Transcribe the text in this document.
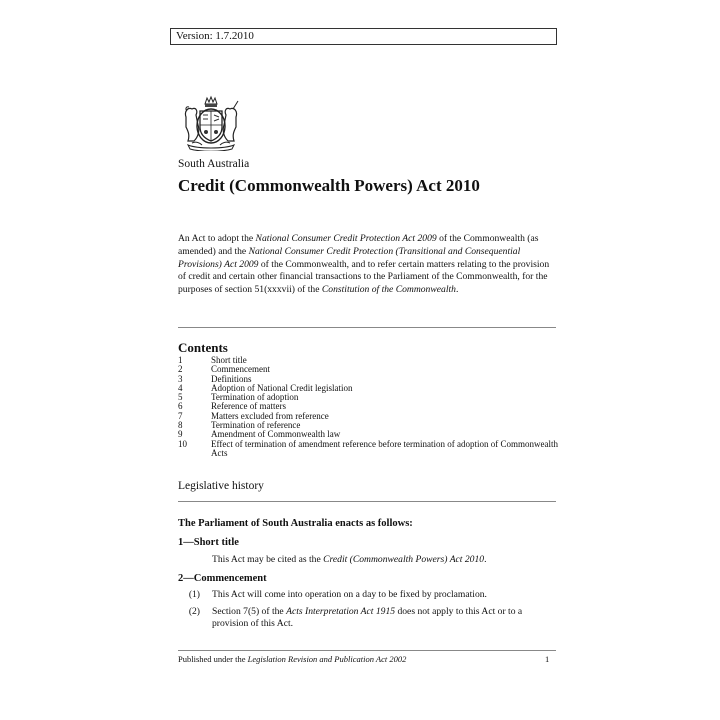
Version: 1.7.2010
South Australia
Credit (Commonwealth Powers) Act 2010
An Act to adopt the National Consumer Credit Protection Act 2009 of the Commonwealth (as amended) and the National Consumer Credit Protection (Transitional and Consequential Provisions) Act 2009 of the Commonwealth, and to refer certain matters relating to the provision of credit and certain other financial transactions to the Parliament of the Commonwealth, for the purposes of section 51(xxxvii) of the Constitution of the Commonwealth.
Contents
1	Short title
2	Commencement
3	Definitions
4	Adoption of National Credit legislation
5	Termination of adoption
6	Reference of matters
7	Matters excluded from reference
8	Termination of reference
9	Amendment of Commonwealth law
10	Effect of termination of amendment reference before termination of adoption of Commonwealth Acts
Legislative history
The Parliament of South Australia enacts as follows:
1—Short title
This Act may be cited as the Credit (Commonwealth Powers) Act 2010.
2—Commencement
(1)	This Act will come into operation on a day to be fixed by proclamation.
(2)	Section 7(5) of the Acts Interpretation Act 1915 does not apply to this Act or to a provision of this Act.
Published under the Legislation Revision and Publication Act 2002	1
